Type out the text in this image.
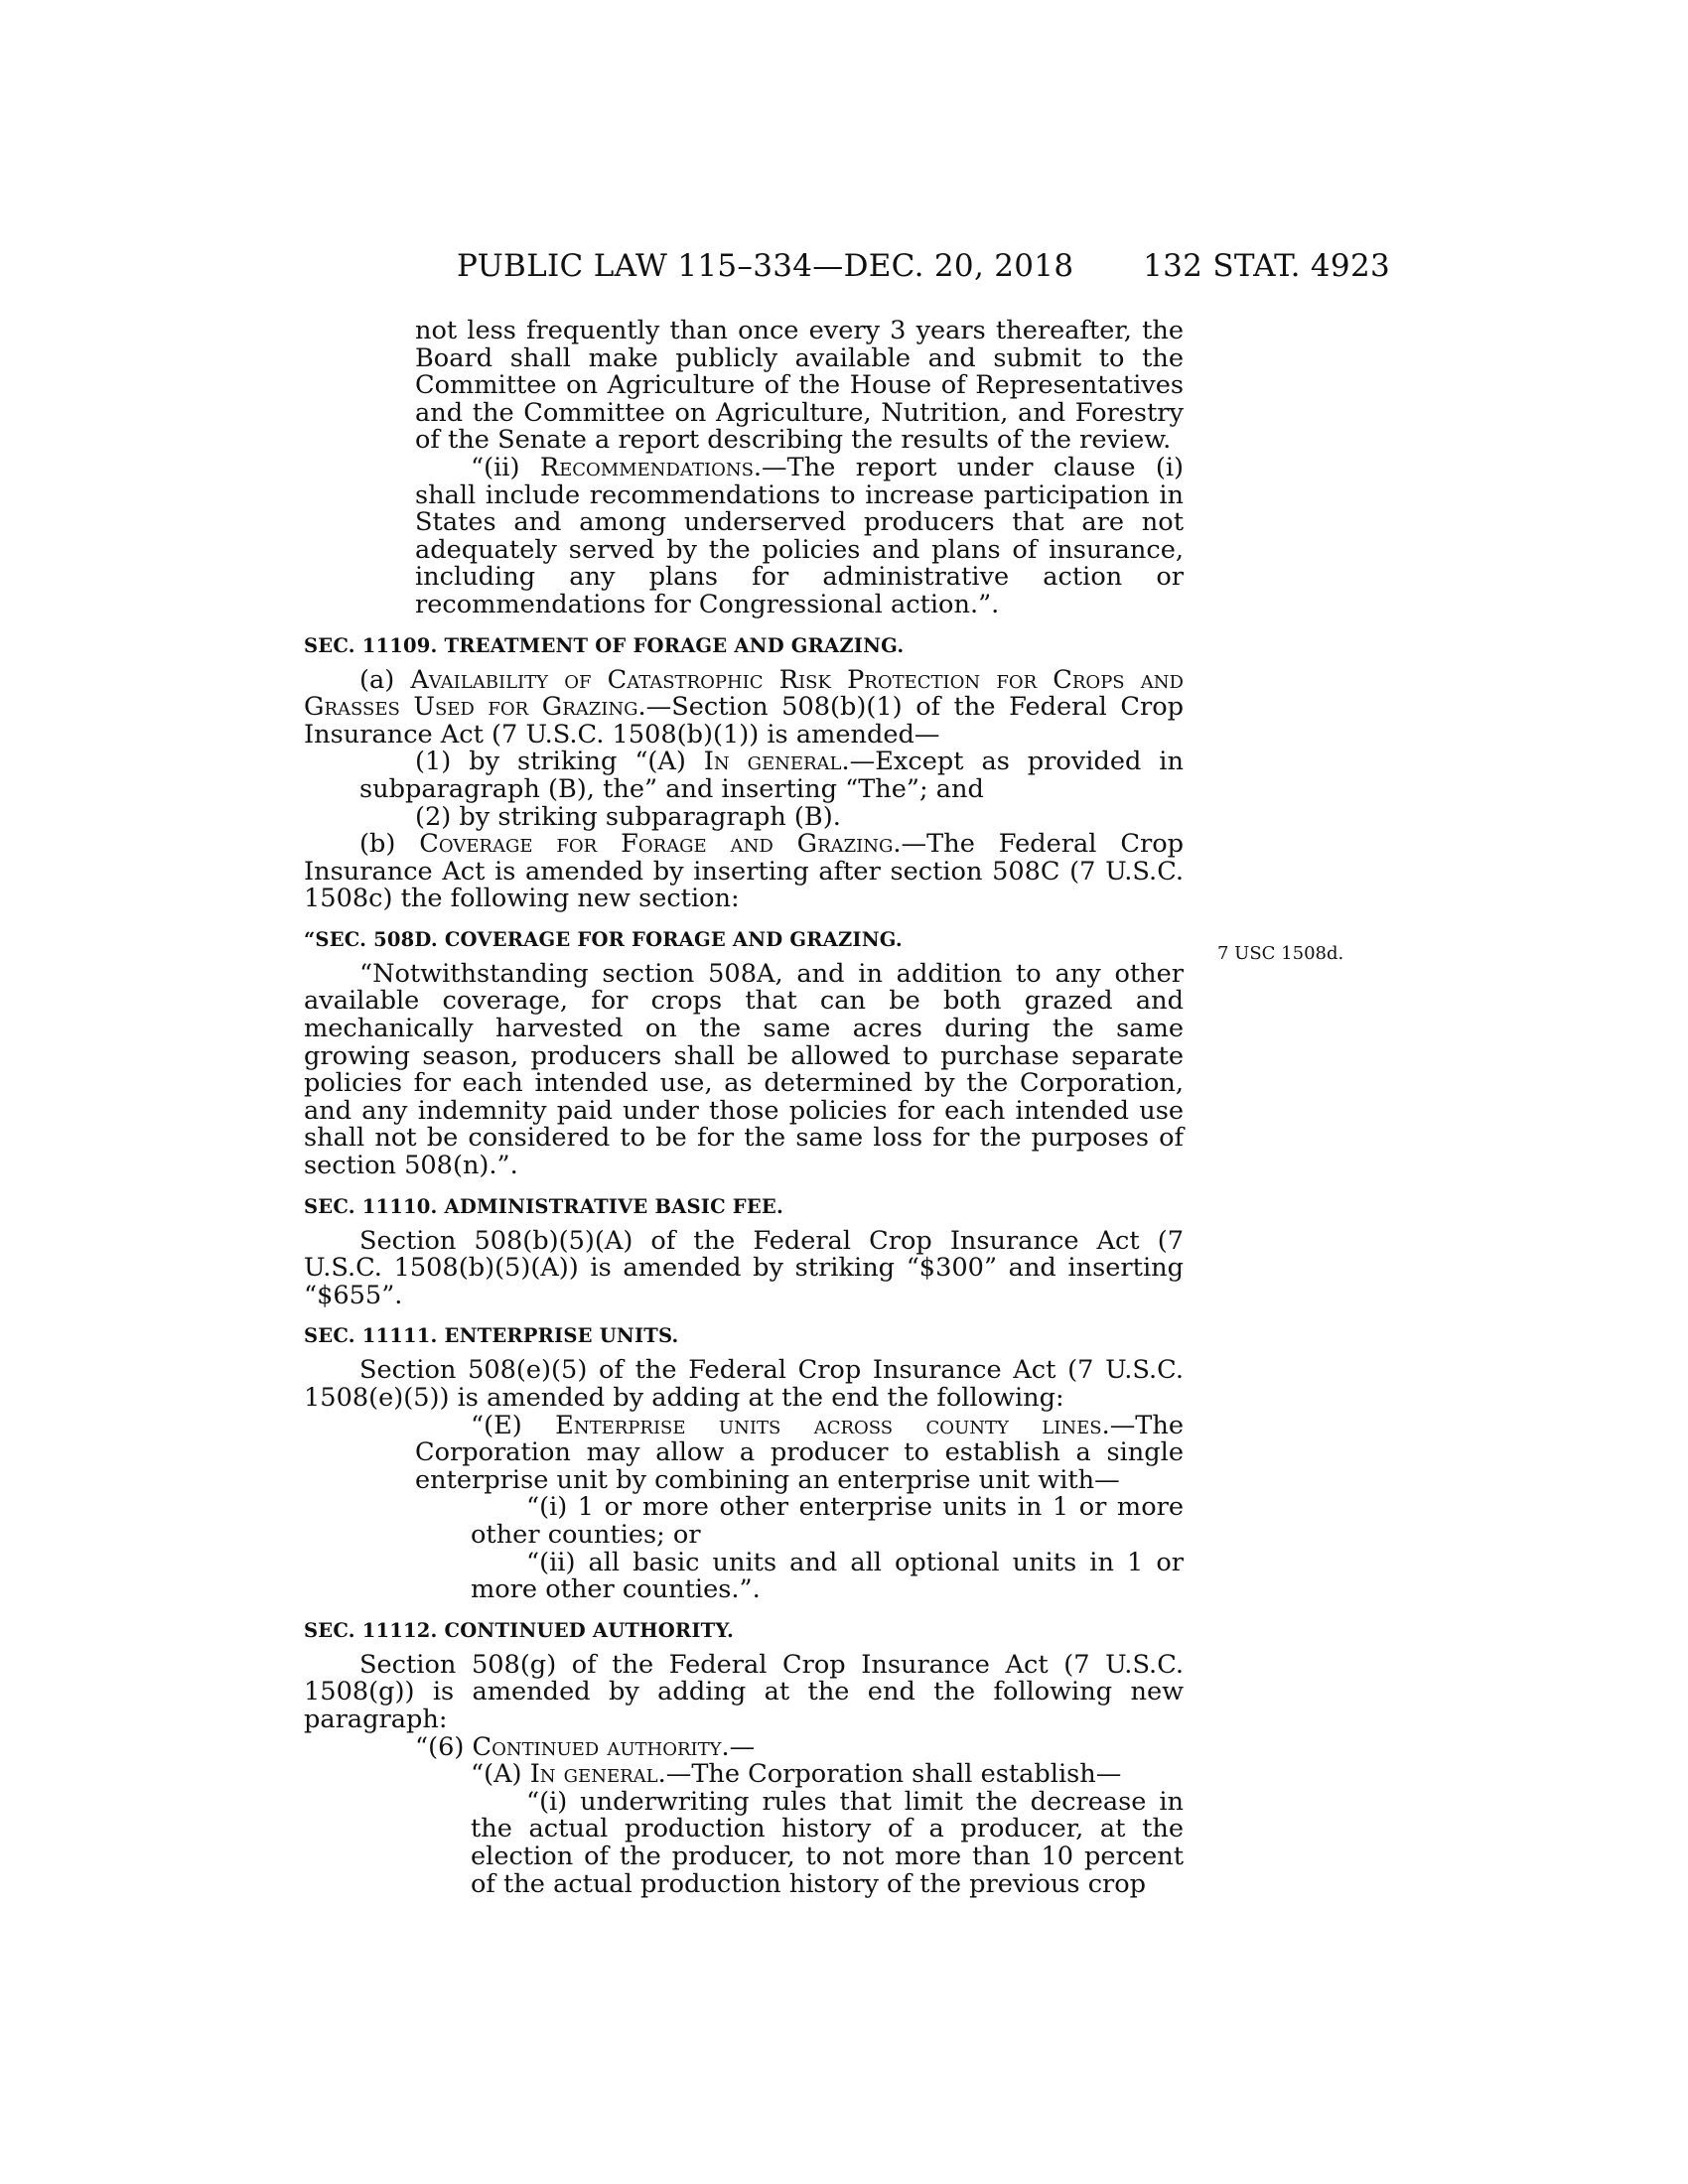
PUBLIC LAW 115–334—DEC. 20, 2018 132 STAT. 4923

not less frequently than once every 3 years thereafter, the Board shall make publicly available and submit to the Committee on Agriculture of the House of Representatives and the Committee on Agriculture, Nutrition, and Forestry of the Senate a report describing the results of the review.

“(ii) Recommendations.—The report under clause (i) shall include recommendations to increase participation in States and among underserved producers that are not adequately served by the policies and plans of insurance, including any plans for administrative action or recommendations for Congressional action.”.

SEC. 11109. TREATMENT OF FORAGE AND GRAZING.

(a) Availability of Catastrophic Risk Protection for Crops and Grasses Used for Grazing.—Section 508(b)(1) of the Federal Crop Insurance Act (7 U.S.C. 1508(b)(1)) is amended—

(1) by striking “(A) In general.—Except as provided in subparagraph (B), the” and inserting “The”; and

(2) by striking subparagraph (B).

(b) Coverage for Forage and Grazing.—The Federal Crop Insurance Act is amended by inserting after section 508C (7 U.S.C. 1508c) the following new section:

“SEC. 508D. COVERAGE FOR FORAGE AND GRAZING.

7 USC 1508d.

“Notwithstanding section 508A, and in addition to any other available coverage, for crops that can be both grazed and mechanically harvested on the same acres during the same growing season, producers shall be allowed to purchase separate policies for each intended use, as determined by the Corporation, and any indemnity paid under those policies for each intended use shall not be considered to be for the same loss for the purposes of section 508(n).”.

SEC. 11110. ADMINISTRATIVE BASIC FEE.

Section 508(b)(5)(A) of the Federal Crop Insurance Act (7 U.S.C. 1508(b)(5)(A)) is amended by striking “$300” and inserting “$655”.

SEC. 11111. ENTERPRISE UNITS.

Section 508(e)(5) of the Federal Crop Insurance Act (7 U.S.C. 1508(e)(5)) is amended by adding at the end the following:

“(E) Enterprise units across county lines.—The Corporation may allow a producer to establish a single enterprise unit by combining an enterprise unit with—

“(i) 1 or more other enterprise units in 1 or more other counties; or

“(ii) all basic units and all optional units in 1 or more other counties.”.

SEC. 11112. CONTINUED AUTHORITY.

Section 508(g) of the Federal Crop Insurance Act (7 U.S.C. 1508(g)) is amended by adding at the end the following new paragraph:

“(6) Continued authority.—

“(A) In general.—The Corporation shall establish—

“(i) underwriting rules that limit the decrease in the actual production history of a producer, at the election of the producer, to not more than 10 percent of the actual production history of the previous crop
